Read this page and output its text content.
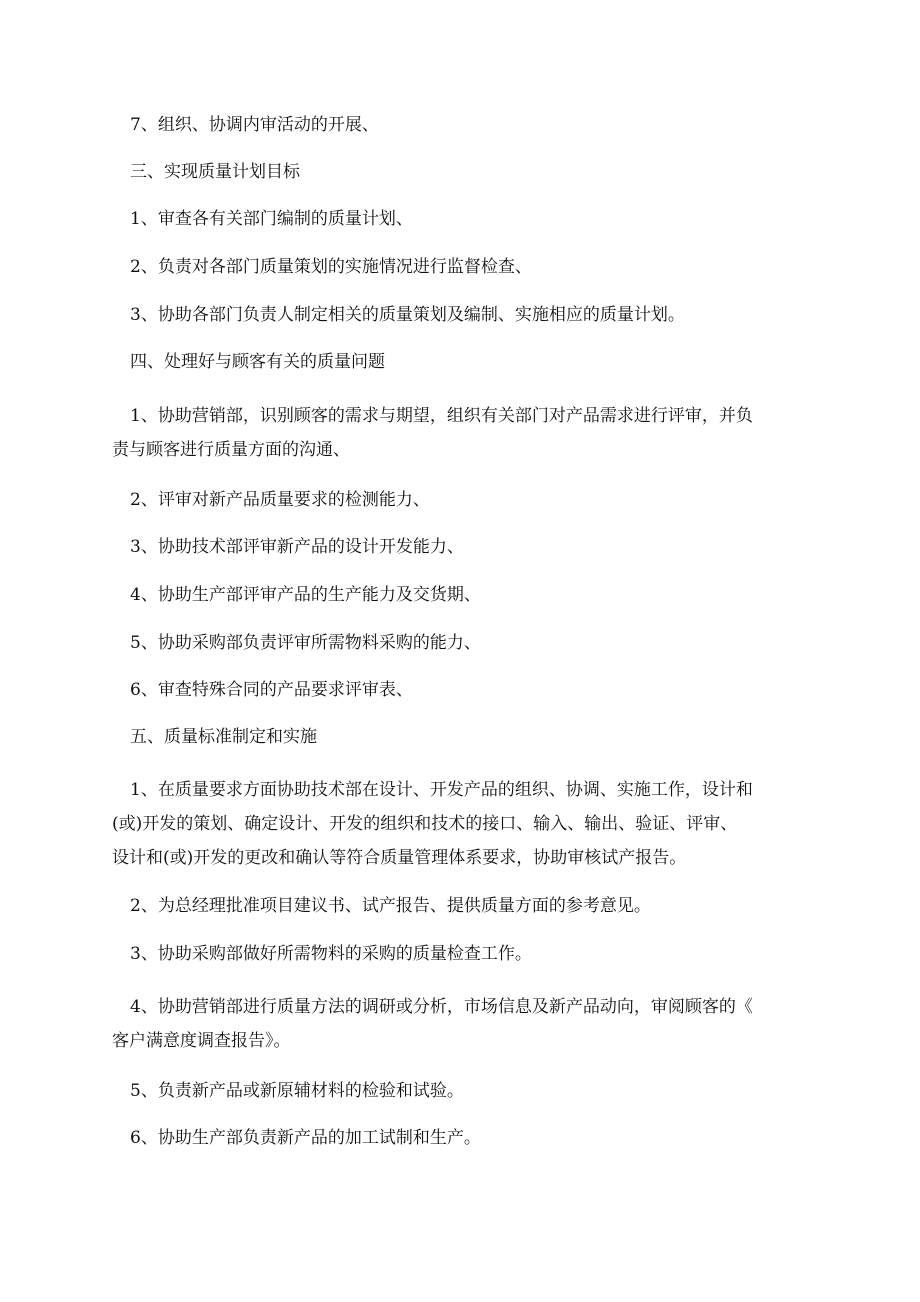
7、组织、协调内审活动的开展、

三、实现质量计划目标

1、审查各有关部门编制的质量计划、

2、负责对各部门质量策划的实施情况进行监督检查、

3、协助各部门负责人制定相关的质量策划及编制、实施相应的质量计划。

四、处理好与顾客有关的质量问题

1、协助营销部，识别顾客的需求与期望，组织有关部门对产品需求进行评审，并负
责与顾客进行质量方面的沟通、

2、评审对新产品质量要求的检测能力、

3、协助技术部评审新产品的设计开发能力、

4、协助生产部评审产品的生产能力及交货期、

5、协助采购部负责评审所需物料采购的能力、

6、审查特殊合同的产品要求评审表、

五、质量标准制定和实施

1、在质量要求方面协助技术部在设计、开发产品的组织、协调、实施工作，设计和
(或)开发的策划、确定设计、开发的组织和技术的接口、输入、输出、验证、评审、
设计和(或)开发的更改和确认等符合质量管理体系要求，协助审核试产报告。

2、为总经理批准项目建议书、试产报告、提供质量方面的参考意见。

3、协助采购部做好所需物料的采购的质量检查工作。

4、协助营销部进行质量方法的调研或分析，市场信息及新产品动向，审阅顾客的《
客户满意度调查报告》。

5、负责新产品或新原辅材料的检验和试验。

6、协助生产部负责新产品的加工试制和生产。
